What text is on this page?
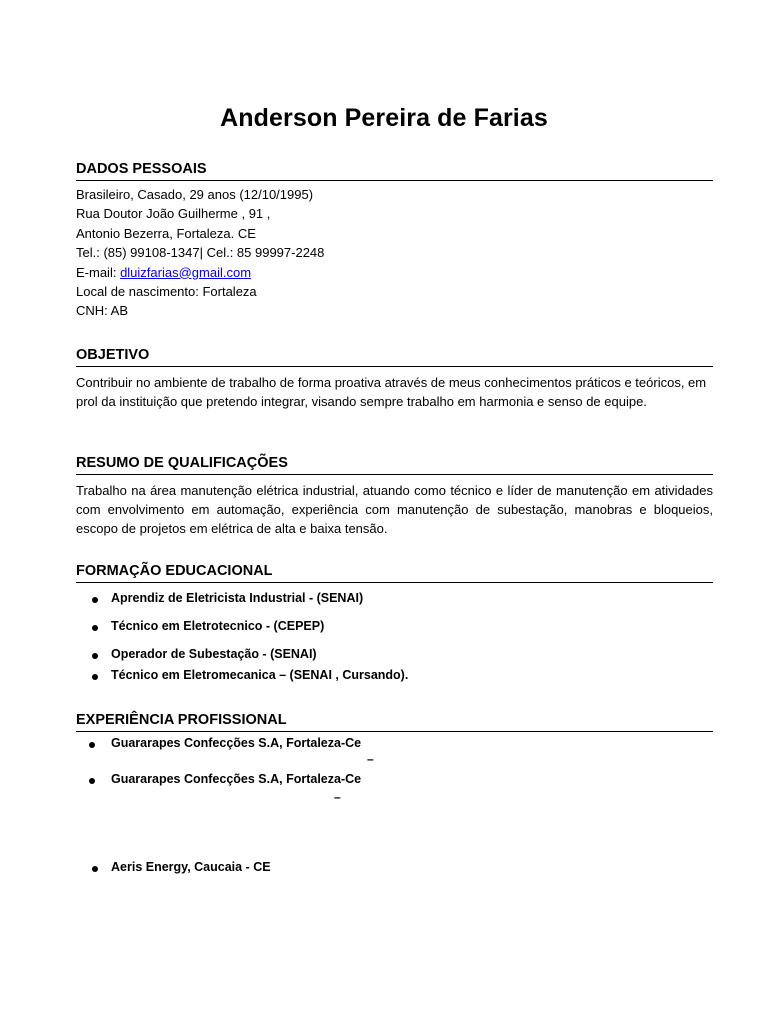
Anderson Pereira de Farias
DADOS PESSOAIS
Brasileiro, Casado, 29 anos (12/10/1995)
Rua Doutor João Guilherme , 91 ,
Antonio Bezerra, Fortaleza. CE
Tel.: (85) 99108-1347| Cel.: 85 99997-2248
E-mail: dluizfarias@gmail.com
Local de nascimento: Fortaleza
CNH: AB
OBJETIVO
Contribuir no ambiente de trabalho de forma proativa através de meus conhecimentos práticos e teóricos, em prol da instituição que pretendo integrar, visando sempre trabalho em harmonia e senso de equipe.
RESUMO DE QUALIFICAÇÕES
Trabalho na área manutenção elétrica industrial, atuando como técnico e líder de manutenção em atividades com envolvimento em automação, experiência com manutenção de subestação, manobras e bloqueios, escopo de projetos em elétrica de alta e baixa tensão.
FORMAÇÃO EDUCACIONAL
Aprendiz de Eletricista Industrial - (SENAI)
Técnico em Eletrotecnico - (CEPEP)
Operador de Subestação - (SENAI)
Técnico em Eletromecanica – (SENAI , Cursando).
EXPERIÊNCIA PROFISSIONAL
Guararapes Confecções S.A, Fortaleza-Ce
–
Guararapes Confecções S.A, Fortaleza-Ce
–
Aeris Energy, Caucaia - CE
